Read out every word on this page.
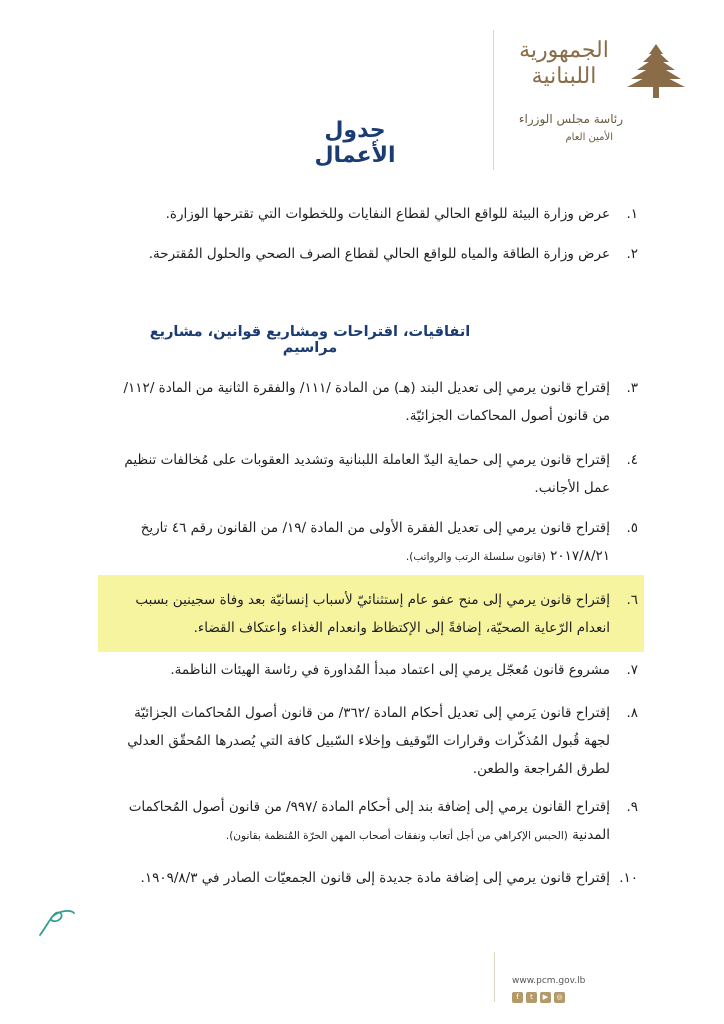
الجمهورية
اللبنانية
رئاسة مجلس الوزراء
الأمين العام
جدول الأعمال
١.
عرض وزارة البيئة للواقع الحالي لقطاع النفايات وللخطوات التي تقترحها الوزارة.
٢.
عرض وزارة الطاقة والمياه للواقع الحالي لقطاع الصرف الصحي والحلول المُقترحة.
اتفاقيات، اقتراحات ومشاريع قوانين، مشاريع مراسيم
٣.
إقتراح قانون يرمي إلى تعديل البند (هـ) من المادة /١١١/ والفقرة الثانية من المادة /١١٢/ من قانون أصول المحاكمات الجزائيّة.
٤.
إقتراح قانون يرمي إلى حماية اليدّ العاملة اللبنانية وتشديد العقوبات على مُخالفات تنظيم عمل الأجانب.
٥.
إقتراح قانون يرمي إلى تعديل الفقرة الأولى من المادة /١٩/ من القانون رقم ٤٦ تاريخ ٢٠١٧/٨/٢١ (قانون سلسلة الرتب والرواتب).
٦.
إقتراح قانون يرمي إلى منح عفو عام إستثنائيّ لأسباب إنسانيّة بعد وفاة سجينين بسبب انعدام الرّعاية الصحيّة، إضافةً إلى الإكتظاظ وانعدام الغذاء واعتكاف القضاء.
٧.
مشروع قانون مُعجّل يرمي إلى اعتماد مبدأ المُداورة في رئاسة الهيئات الناظمة.
٨.
إقتراح قانون يَرمي إلى تعديل أحكام المادة /٣٦٢/ من قانون أصول المُحاكمات الجزائيّة لجهة قُبول المُذكّرات وقرارات التّوقيف وإخلاء السّبيل كافة التي يُصدرها المُحقّق العدلي لطرق المُراجعة والطعن.
٩.
إقتراح القانون يرمي إلى إضافة بند إلى أحكام المادة /٩٩٧/ من قانون أصول المُحاكمات المدنية (الحبس الإكراهي من أجل أتعاب ونفقات أصحاب المهن الحرّة المُنظمة بقانون).
١٠.
إقتراح قانون يرمي إلى إضافة مادة جديدة إلى قانون الجمعيّات الصادر في ١٩٠٩/٨/٣.
www.pcm.gov.lb
f	t	▶	◎
